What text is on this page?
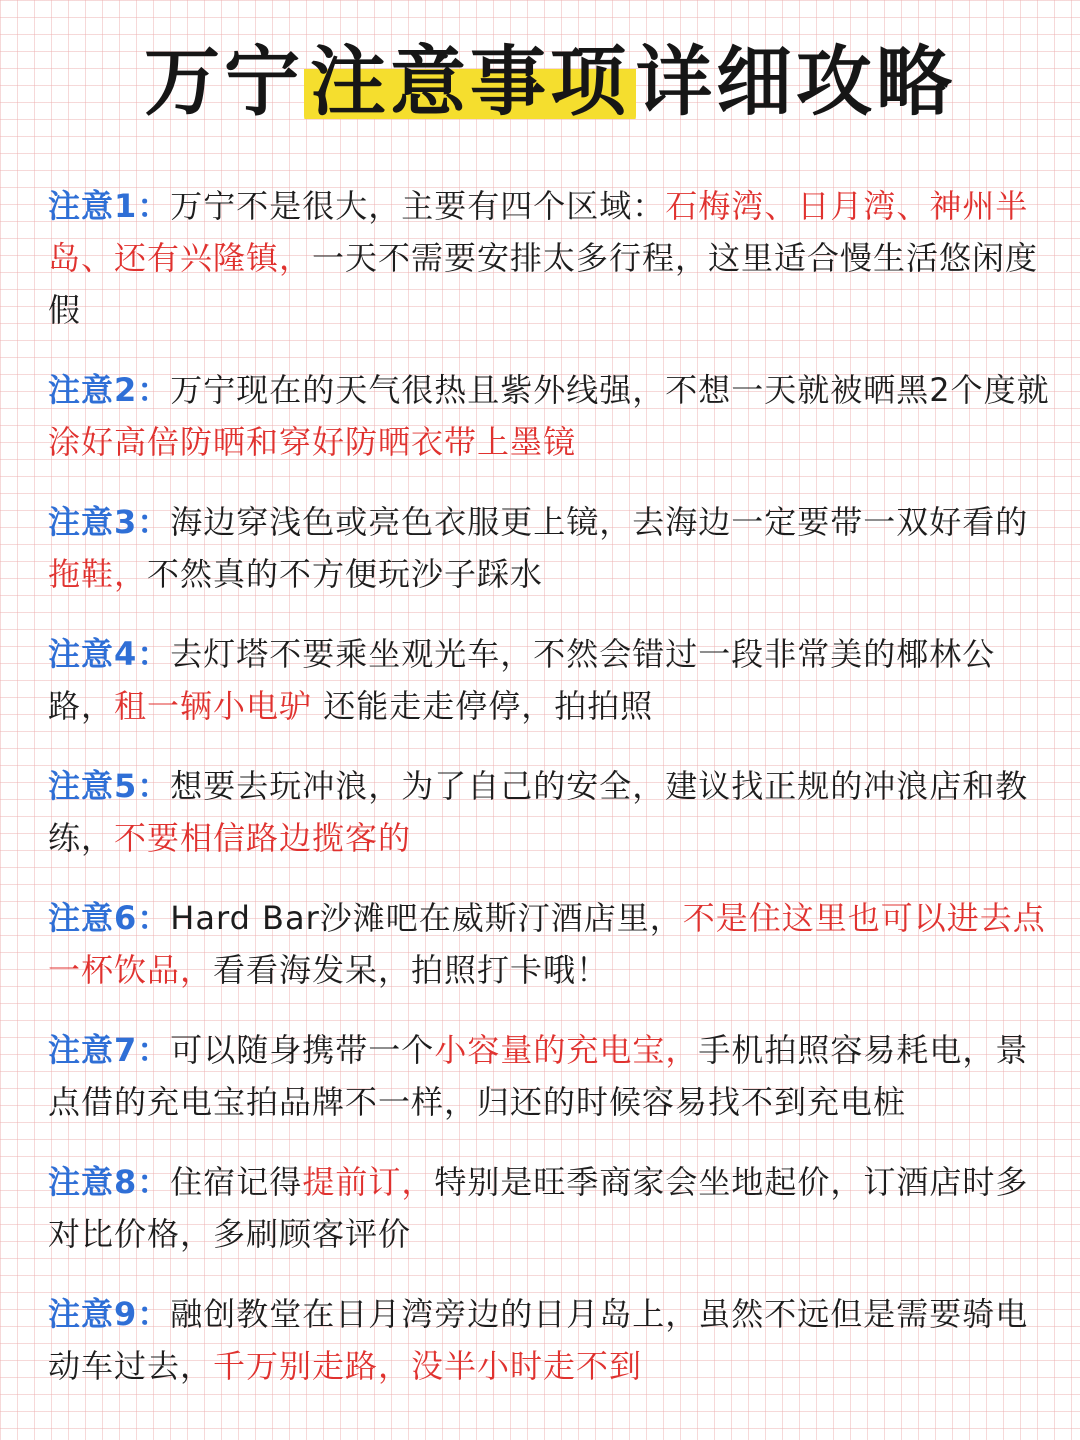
万宁注意事项详细攻略
注意1：万宁不是很大，主要有四个区域：石梅湾、日月湾、神州半岛、还有兴隆镇，一天不需要安排太多行程，这里适合慢生活悠闲度假
注意2：万宁现在的天气很热且紫外线强，不想一天就被晒黑2个度就涂好高倍防晒和穿好防晒衣带上墨镜
注意3：海边穿浅色或亮色衣服更上镜，去海边一定要带一双好看的 拖鞋，不然真的不方便玩沙子踩水
注意4：去灯塔不要乘坐观光车，不然会错过一段非常美的椰林公路，租一辆小电驴 还能走走停停，拍拍照
注意5：想要去玩冲浪，为了自己的安全，建议找正规的冲浪店和教练，不要相信路边揽客的
注意6：Hard Bar沙滩吧在威斯汀酒店里，不是住这里也可以进去点一杯饮品，看看海发呆，拍照打卡哦！
注意7：可以随身携带一个小容量的充电宝，手机拍照容易耗电，景点借的充电宝拍品牌不一样，归还的时候容易找不到充电桩
注意8：住宿记得提前订，特别是旺季商家会坐地起价，订酒店时多对比价格，多刷顾客评价
注意9：融创教堂在日月湾旁边的日月岛上，虽然不远但是需要骑电动车过去，千万别走路，没半小时走不到
